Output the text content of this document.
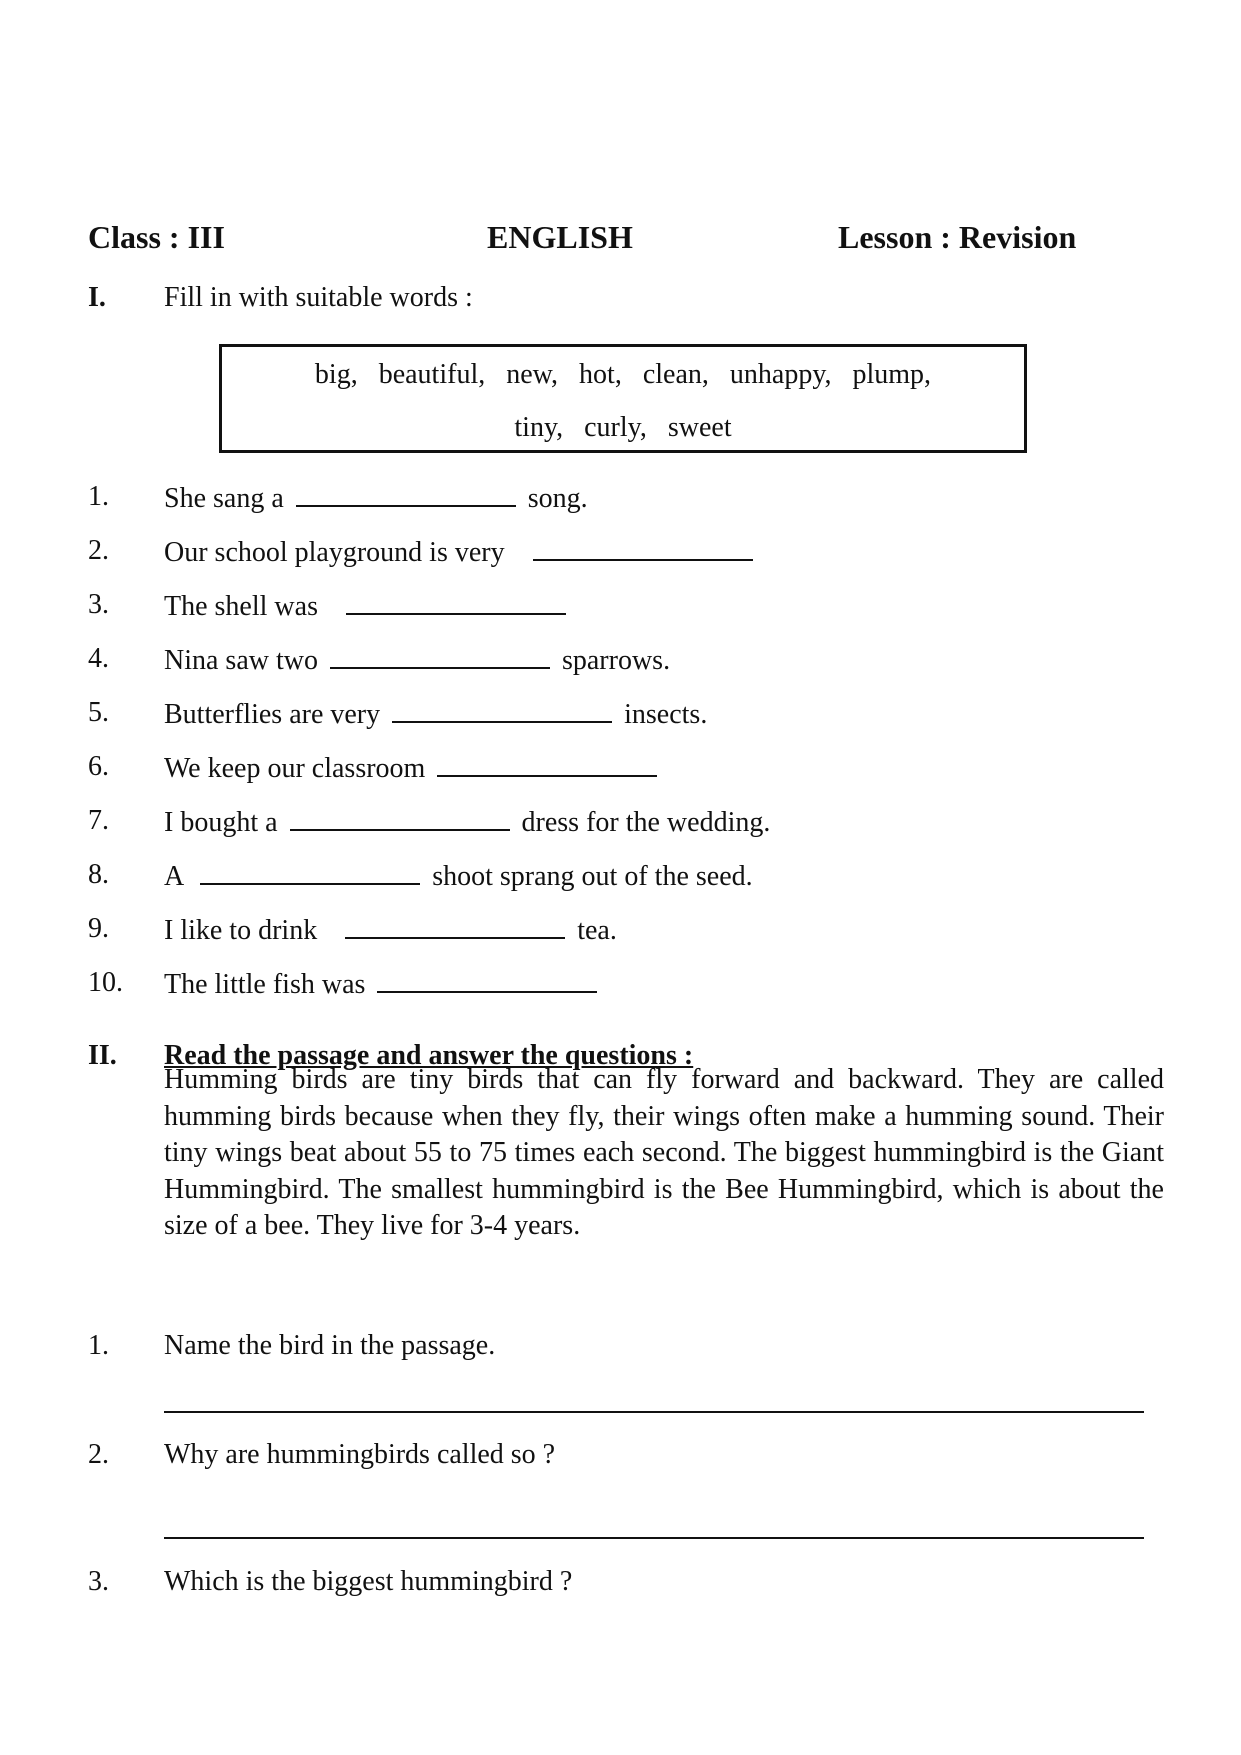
Class : III	ENGLISH	Lesson : Revision
I. Fill in with suitable words :
big, beautiful, new, hot, clean, unhappy, plump,
tiny, curly, sweet
1. She sang a	song.
2. Our school playground is very
3. The shell was
4. Nina saw two	sparrows.
5. Butterflies are very	insects.
6. We keep our classroom
7. I bought a	dress for the wedding.
8. A	shoot sprang out of the seed.
9. I like to drink	tea.
10. The little fish was
II. Read the passage and answer the questions :
Humming birds are tiny birds that can fly forward and backward. They are called humming birds because when they fly, their wings often make a humming sound. Their tiny wings beat about 55 to 75 times each second. The biggest hummingbird is the Giant Hummingbird. The smallest hummingbird is the Bee Hummingbird, which is about the size of a bee. They live for 3-4 years.
1. Name the bird in the passage.
2. Why are hummingbirds called so ?
3. Which is the biggest hummingbird ?
